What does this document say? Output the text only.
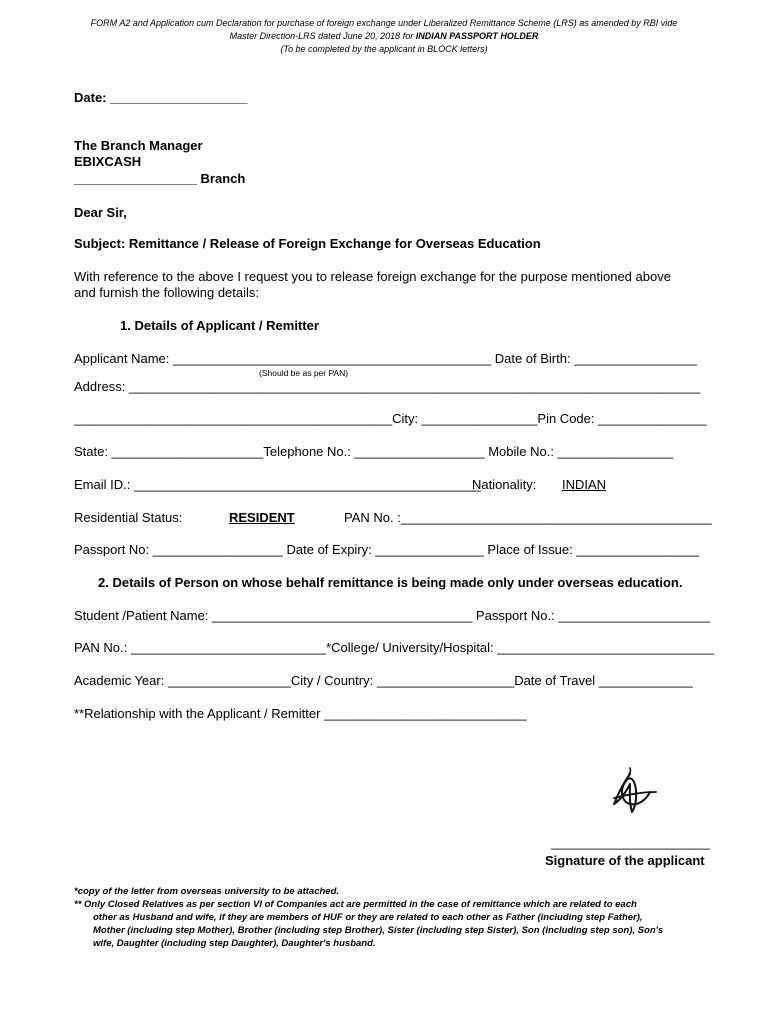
FORM A2 and Application cum Declaration for purchase of foreign exchange under Liberalized Remittance Scheme (LRS) as amended by RBI vide
Master Direction-LRS dated June 20, 2018 for INDIAN PASSPORT HOLDER
(To be completed by the applicant in BLOCK letters)
Date: ___________________
The Branch Manager
EBIXCASH
_________________ Branch
Dear Sir,
Subject: Remittance / Release of Foreign Exchange for Overseas Education
With reference to the above I request you to release foreign exchange for the purpose mentioned above
and furnish the following details:
1. Details of Applicant / Remitter
Applicant Name: ____________________________________________ Date of Birth: _________________
(Should be as per PAN)
Address: _______________________________________________________________________________
____________________________________________City: ________________Pin Code: _______________
State: _____________________Telephone No.: __________________ Mobile No.: ________________
Email ID.: ________________________________________________
Nationality: INDIAN
Residential Status:	RESIDENT	PAN No. :___________________________________________
Passport No: __________________ Date of Expiry: _______________ Place of Issue: _________________
2. Details of Person on whose behalf remittance is being made only under overseas education.
Student /Patient Name: ____________________________________ Passport No.: _____________________
PAN No.: ___________________________*College/ University/Hospital: ______________________________
Academic Year: _________________City / Country: ___________________Date of Travel _____________
**Relationship with the Applicant / Remitter ____________________________
______________________
Signature of the applicant
*copy of the letter from overseas university to be attached.
** Only Closed Relatives as per section VI of Companies act are permitted in the case of remittance which are related to each
other as Husband and wife, if they are members of HUF or they are related to each other as Father (including step Father),
Mother (including step Mother), Brother (including step Brother), Sister (including step Sister), Son (including step son), Son's
wife, Daughter (including step Daughter), Daughter's husband.
